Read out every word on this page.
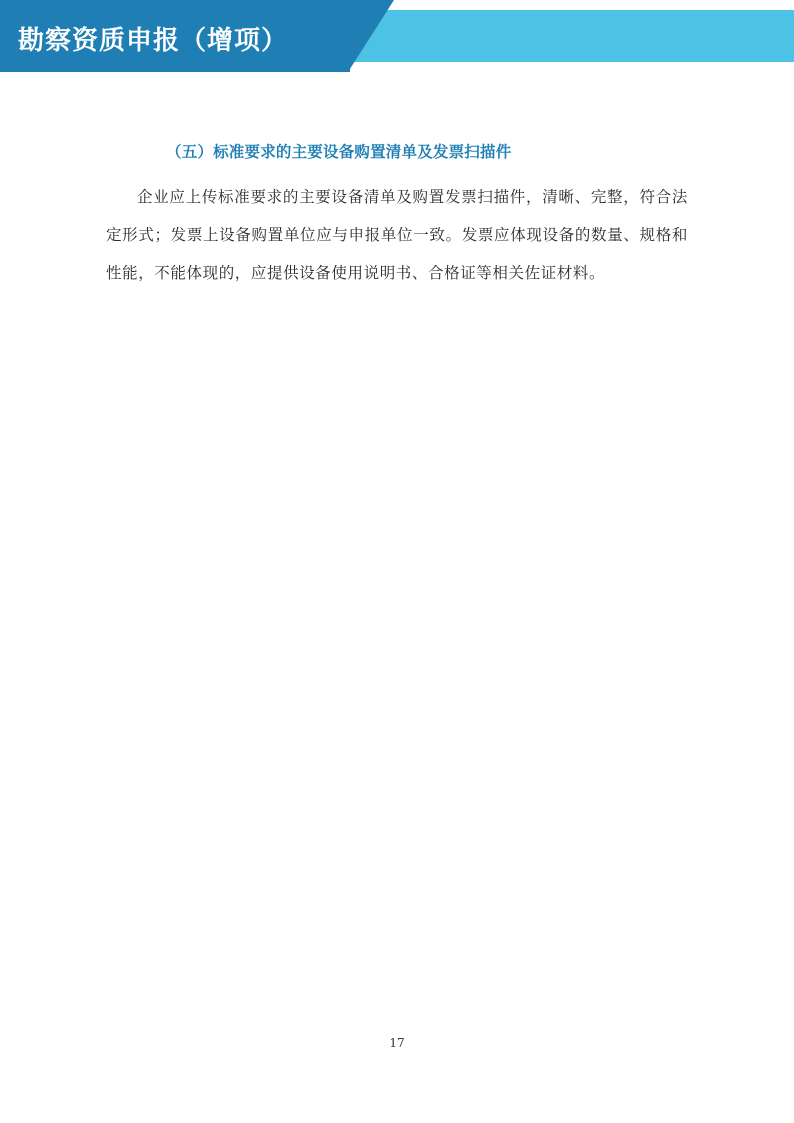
勘察资质申报（增项）
（五）标准要求的主要设备购置清单及发票扫描件

企业应上传标准要求的主要设备清单及购置发票扫描件，清晰、完整，符合法定形式；发票上设备购置单位应与申报单位一致。发票应体现设备的数量、规格和性能，不能体现的，应提供设备使用说明书、合格证等相关佐证材料。

17
